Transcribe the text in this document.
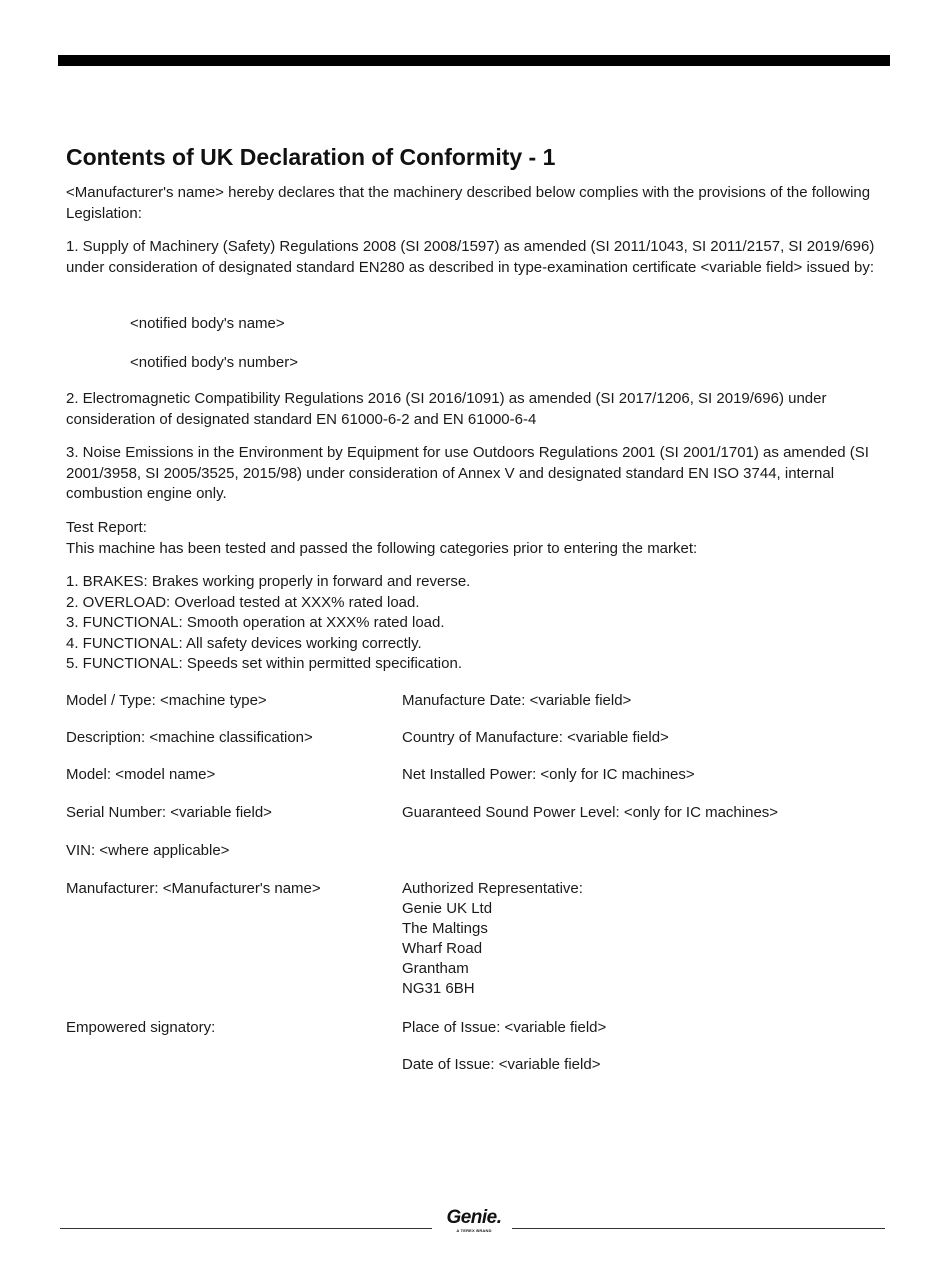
Contents of UK Declaration of Conformity - 1

<Manufacturer's name> hereby declares that the machinery described below complies with the provisions of the following Legislation:

1. Supply of Machinery (Safety) Regulations 2008 (SI 2008/1597) as amended (SI 2011/1043, SI 2011/2157, SI 2019/696) under consideration of designated standard EN280 as described in type-examination certificate <variable field> issued by:

<notified body's name>

<notified body's number>

2. Electromagnetic Compatibility Regulations 2016 (SI 2016/1091) as amended (SI 2017/1206, SI 2019/696) under consideration of designated standard EN 61000-6-2 and EN 61000-6-4

3. Noise Emissions in the Environment by Equipment for use Outdoors Regulations 2001 (SI 2001/1701) as amended (SI 2001/3958, SI 2005/3525, 2015/98) under consideration of Annex V and designated standard EN ISO 3744, internal combustion engine only.

Test Report:

This machine has been tested and passed the following categories prior to entering the market:

1. BRAKES: Brakes working properly in forward and reverse.
2. OVERLOAD: Overload tested at XXX% rated load.
3. FUNCTIONAL: Smooth operation at XXX% rated load.
4. FUNCTIONAL: All safety devices working correctly.
5. FUNCTIONAL: Speeds set within permitted specification.

Model / Type: <machine type>	Manufacture Date: <variable field>

Description: <machine classification>	Country of Manufacture: <variable field>

Model: <model name>	Net Installed Power: <only for IC machines>

Serial Number: <variable field>	Guaranteed Sound Power Level: <only for IC machines>

VIN: <where applicable>

Manufacturer: <Manufacturer's name>	Authorized Representative:
Genie UK Ltd
The Maltings
Wharf Road
Grantham
NG31 6BH

Empowered signatory:	Place of Issue: <variable field>

Date of Issue: <variable field>

Genie.
A TEREX BRAND
